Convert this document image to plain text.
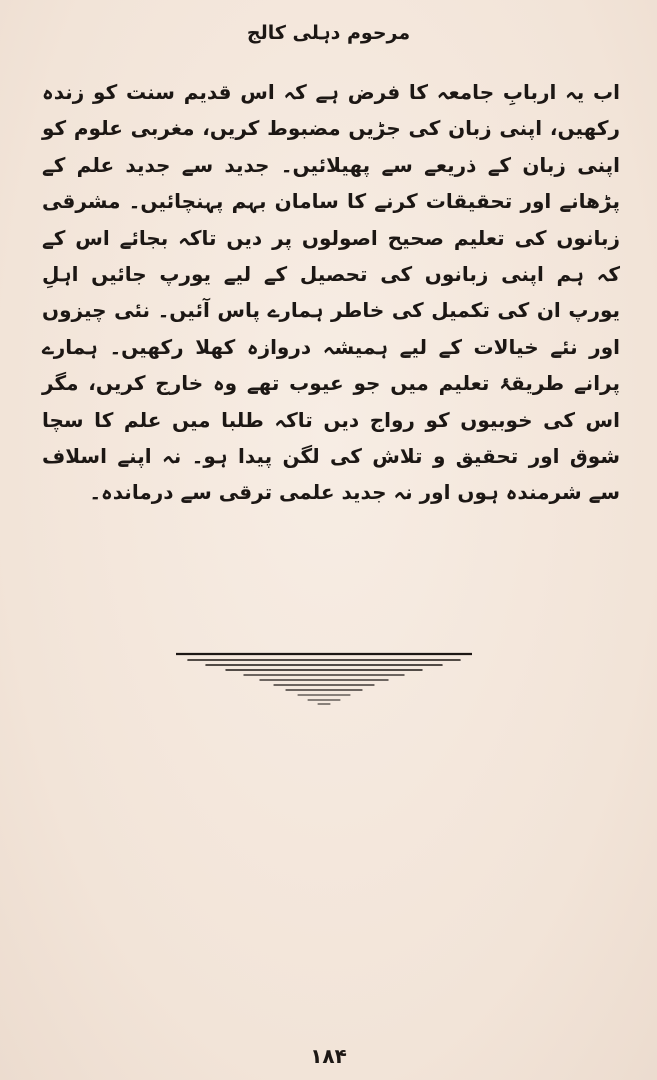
مرحوم دہلی کالج

اب یہ اربابِ جامعہ کا فرض ہے کہ اس قدیم سنت کو زندہ رکھیں، اپنی زبان کی جڑیں مضبوط کریں، مغربی علوم کو اپنی زبان کے ذریعے سے پھیلائیں۔ جدید سے جدید علم کے پڑھانے اور تحقیقات کرنے کا سامان بہم پہنچائیں۔ مشرقی زبانوں کی تعلیم صحیح اصولوں پر دیں تاکہ بجائے اس کے کہ ہم اپنی زبانوں کی تحصیل کے لیے یورپ جائیں اہلِ یورپ ان کی تکمیل کی خاطر ہمارے پاس آئیں۔ نئی چیزوں اور نئے خیالات کے لیے ہمیشہ دروازہ کھلا رکھیں۔ ہمارے پرانے طریقۂ تعلیم میں جو عیوب تھے وہ خارج کریں، مگر اس کی خوبیوں کو رواج دیں تاکہ طلبا میں علم کا سچا شوق اور تحقیق و تلاش کی لگن پیدا ہو۔ نہ اپنے اسلاف سے شرمندہ ہوں اور نہ جدید علمی ترقی سے درماندہ۔

۱۸۴
